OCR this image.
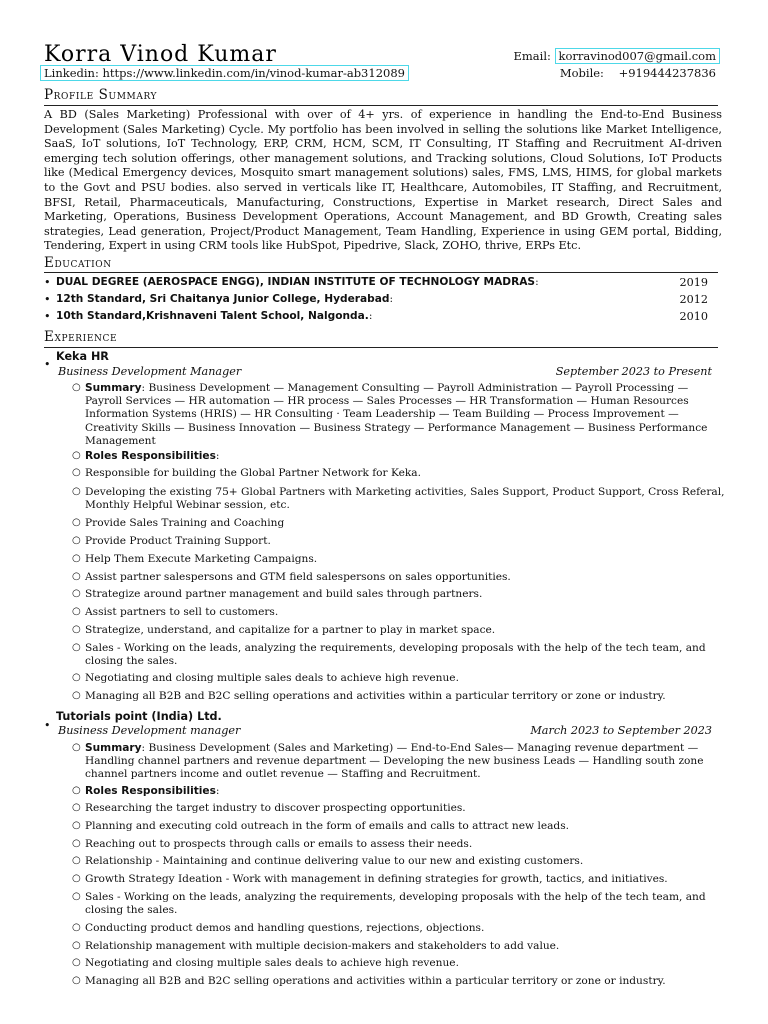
Korra Vinod Kumar
Linkedin: https://www.linkedin.com/in/vinod-kumar-ab312089
Email: korravinod007@gmail.com
Mobile: +919444237836
Profile Summary

A BD (Sales Marketing) Professional with over of 4+ yrs. of experience in handling the End-to-End Business Development (Sales Marketing) Cycle. My portfolio has been involved in selling the solutions like Market Intelligence, SaaS, IoT solutions, IoT Technology, ERP, CRM, HCM, SCM, IT Consulting, IT Staffing and Recruitment AI-driven emerging tech solution offerings, other management solutions, and Tracking solutions, Cloud Solutions, IoT Products like (Medical Emergency devices, Mosquito smart management solutions) sales, FMS, LMS, HIMS, for global markets to the Govt and PSU bodies. also served in verticals like IT, Healthcare, Automobiles, IT Staffing, and Recruitment, BFSI, Retail, Pharmaceuticals, Manufacturing, Constructions, Expertise in Market research, Direct Sales and Marketing, Operations, Business Development Operations, Account Management, and BD Growth, Creating sales strategies, Lead generation, Project/Product Management, Team Handling, Experience in using GEM portal, Bidding, Tendering, Expert in using CRM tools like HubSpot, Pipedrive, Slack, ZOHO, thrive, ERPs Etc.

Education
• DUAL DEGREE (AEROSPACE ENGG), INDIAN INSTITUTE OF TECHNOLOGY MADRAS:	2019
• 12th Standard, Sri Chaitanya Junior College, Hyderabad:	2012
• 10th Standard,Krishnaveni Talent School, Nalgonda.:	2010
Experience
•
Keka HR
Business Development Manager	September 2023 to Present
○ Summary: Business Development — Management Consulting — Payroll Administration — Payroll Processing — Payroll Services — HR automation — HR process — Sales Processes — HR Transformation — Human Resources Information Systems (HRIS) — HR Consulting · Team Leadership — Team Building — Process Improvement — Creativity Skills — Business Innovation — Business Strategy — Performance Management — Business Performance Management
○ Roles Responsibilities:
○ Responsible for building the Global Partner Network for Keka.
○ Developing the existing 75+ Global Partners with Marketing activities, Sales Support, Product Support, Cross Referal, Monthly Helpful Webinar session, etc.
○ Provide Sales Training and Coaching
○ Provide Product Training Support.
○ Help Them Execute Marketing Campaigns.
○ Assist partner salespersons and GTM field salespersons on sales opportunities.
○ Strategize around partner management and build sales through partners.
○ Assist partners to sell to customers.
○ Strategize, understand, and capitalize for a partner to play in market space.
○ Sales - Working on the leads, analyzing the requirements, developing proposals with the help of the tech team, and closing the sales.
○ Negotiating and closing multiple sales deals to achieve high revenue.
○ Managing all B2B and B2C selling operations and activities within a particular territory or zone or industry.
•
Tutorials point (India) Ltd.
Business Development manager	March 2023 to September 2023
○ Summary: Business Development (Sales and Marketing) — End-to-End Sales— Managing revenue department — Handling channel partners and revenue department — Developing the new business Leads — Handling south zone channel partners income and outlet revenue — Staffing and Recruitment.
○ Roles Responsibilities:
○ Researching the target industry to discover prospecting opportunities.
○ Planning and executing cold outreach in the form of emails and calls to attract new leads.
○ Reaching out to prospects through calls or emails to assess their needs.
○ Relationship - Maintaining and continue delivering value to our new and existing customers.
○ Growth Strategy Ideation - Work with management in defining strategies for growth, tactics, and initiatives.
○ Sales - Working on the leads, analyzing the requirements, developing proposals with the help of the tech team, and closing the sales.
○ Conducting product demos and handling questions, rejections, objections.
○ Relationship management with multiple decision-makers and stakeholders to add value.
○ Negotiating and closing multiple sales deals to achieve high revenue.
○ Managing all B2B and B2C selling operations and activities within a particular territory or zone or industry.
